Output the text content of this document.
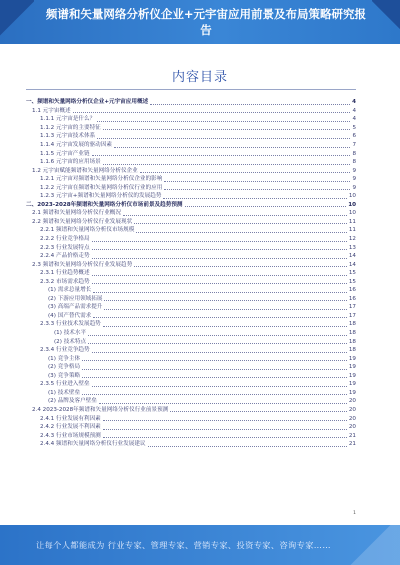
频谱和矢量网络分析仪企业+元宇宙应用前景及布局策略研究报告
内容目录
一、频谱和矢量网络分析仪企业+元宇宙应用概述	4
1.1 元宇宙概述	4
1.1.1 元宇宙是什么？	4
1.1.2 元宇宙的主要特征	5
1.1.3 元宇宙技术体系	6
1.1.4 元宇宙发展的驱动因素	7
1.1.5 元宇宙产业链	8
1.1.6 元宇宙的应用场景	8
1.2 元宇宙赋能频谱和矢量网络分析仪企业	9
1.2.1 元宇宙对频谱和矢量网络分析仪企业的影响	9
1.2.2 元宇宙在频谱和矢量网络分析仪行业的应用	9
1.2.3 元宇宙+频谱和矢量网络分析仪的发展趋势	10
二、2023-2028年频谱和矢量网络分析仪市场前景及趋势预测	10
2.1 频谱和矢量网络分析仪行业概况	10
2.2 频谱和矢量网络分析仪行业发展现状	11
2.2.1 频谱和矢量网络分析仪市场规模	11
2.2.2 行业竞争格局	12
2.2.3 行业发展特点	13
2.2.4 产品价格走势	14
2.3 频谱和矢量网络分析仪行业发展趋势	14
2.3.1 行业趋势概述	15
2.3.2 市场需求趋势	15
(1) 需求总量增长	16
(2) 下游应用领域拓展	16
(3) 高端产品需求提升	17
(4) 国产替代需求	17
2.3.3 行业技术发展趋势	18
(1) 技术水平	18
(2) 技术特点	18
2.3.4 行业竞争趋势	18
(1) 竞争主体	19
(2) 竞争格局	19
(3) 竞争策略	19
2.3.5 行业进入壁垒	19
(1) 技术壁垒	19
(2) 品牌及客户壁垒	20
2.4 2023-2028年频谱和矢量网络分析仪行业前景预测	20
2.4.1 行业发展有利因素	20
2.4.2 行业发展不利因素	20
2.4.3 行业市场规模预测	21
2.4.4 频谱和矢量网络分析仪行业发展建议	21
1
让每个人都能成为 行业专家、管理专家、营销专家、投资专家、咨询专家……
